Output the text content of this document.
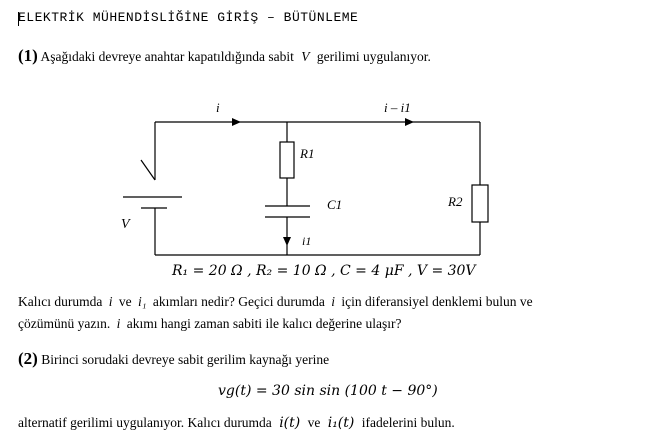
ELEKTRİK MÜHENDİSLİĞİNE GİRİŞ – BÜTÜNLEME
(1) Aşağıdaki devreye anahtar kapatıldığında sabit V gerilimi uygulanıyor.
i	i – i1
R1
C1	R2
V
i1
R₁ = 20 Ω , R₂ = 10 Ω , C = 4 μF , V = 30V
Kalıcı durumda i ve i₁ akımları nedir? Geçici durumda i için diferansiyel denklemi bulun ve
çözümünü yazın. i akımı hangi zaman sabiti ile kalıcı değerine ulaşır?
(2) Birinci sorudaki devreye sabit gerilim kaynağı yerine
vg(t) = 30 sin sin (100 t − 90°)
alternatif gerilimi uygulanıyor. Kalıcı durumda i(t) ve i₁(t) ifadelerini bulun.
